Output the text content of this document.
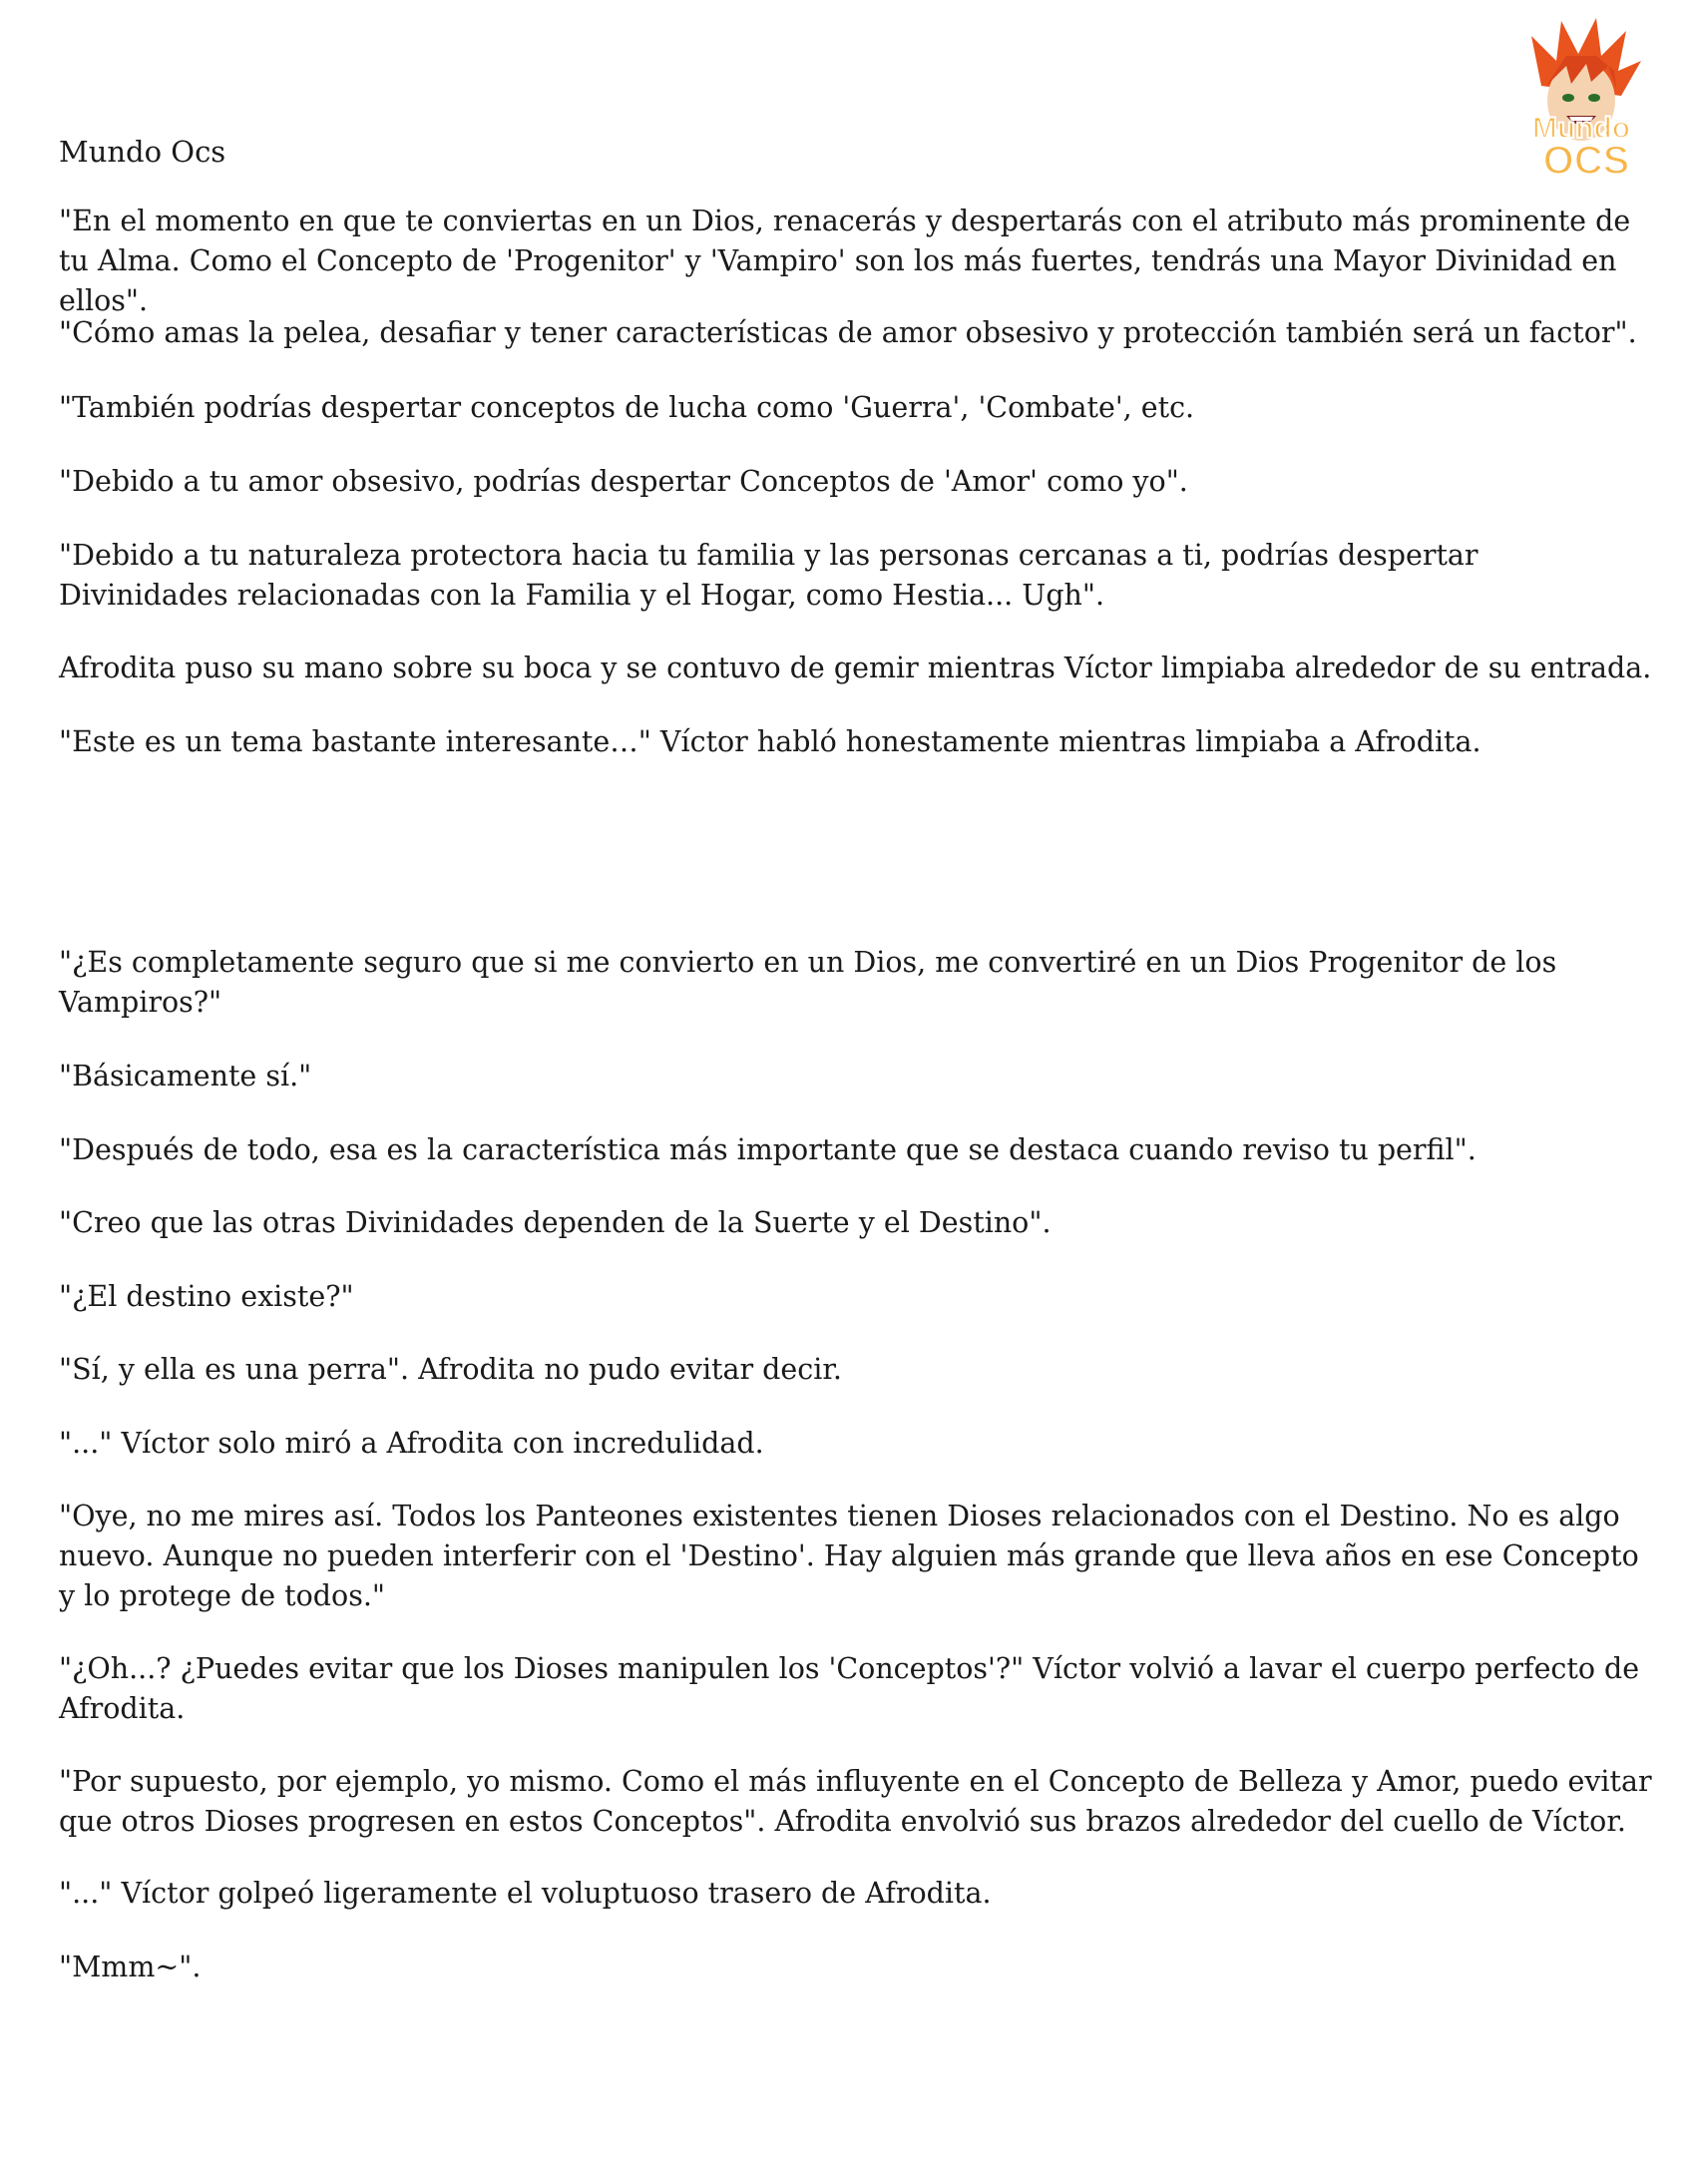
Mundo
OCS
Mundo Ocs

"En el momento en que te conviertas en un Dios, renacerás y despertarás con el atributo más prominente de tu Alma. Como el Concepto de 'Progenitor' y 'Vampiro' son los más fuertes, tendrás una Mayor Divinidad en ellos".

"Cómo amas la pelea, desafiar y tener características de amor obsesivo y protección también será un factor".

"También podrías despertar conceptos de lucha como 'Guerra', 'Combate', etc.

"Debido a tu amor obsesivo, podrías despertar Conceptos de 'Amor' como yo".

"Debido a tu naturaleza protectora hacia tu familia y las personas cercanas a ti, podrías despertar Divinidades relacionadas con la Familia y el Hogar, como Hestia... Ugh".

Afrodita puso su mano sobre su boca y se contuvo de gemir mientras Víctor limpiaba alrededor de su entrada.

"Este es un tema bastante interesante…" Víctor habló honestamente mientras limpiaba a Afrodita.

"¿Es completamente seguro que si me convierto en un Dios, me convertiré en un Dios Progenitor de los Vampiros?"

"Básicamente sí."

"Después de todo, esa es la característica más importante que se destaca cuando reviso tu perfil".

"Creo que las otras Divinidades dependen de la Suerte y el Destino".

"¿El destino existe?"

"Sí, y ella es una perra". Afrodita no pudo evitar decir.

"..." Víctor solo miró a Afrodita con incredulidad.

"Oye, no me mires así. Todos los Panteones existentes tienen Dioses relacionados con el Destino. No es algo nuevo. Aunque no pueden interferir con el 'Destino'. Hay alguien más grande que lleva años en ese Concepto y lo protege de todos."

"¿Oh...? ¿Puedes evitar que los Dioses manipulen los 'Conceptos'?" Víctor volvió a lavar el cuerpo perfecto de Afrodita.

"Por supuesto, por ejemplo, yo mismo. Como el más influyente en el Concepto de Belleza y Amor, puedo evitar que otros Dioses progresen en estos Conceptos". Afrodita envolvió sus brazos alrededor del cuello de Víctor.

"..." Víctor golpeó ligeramente el voluptuoso trasero de Afrodita.

"Mmm~".
